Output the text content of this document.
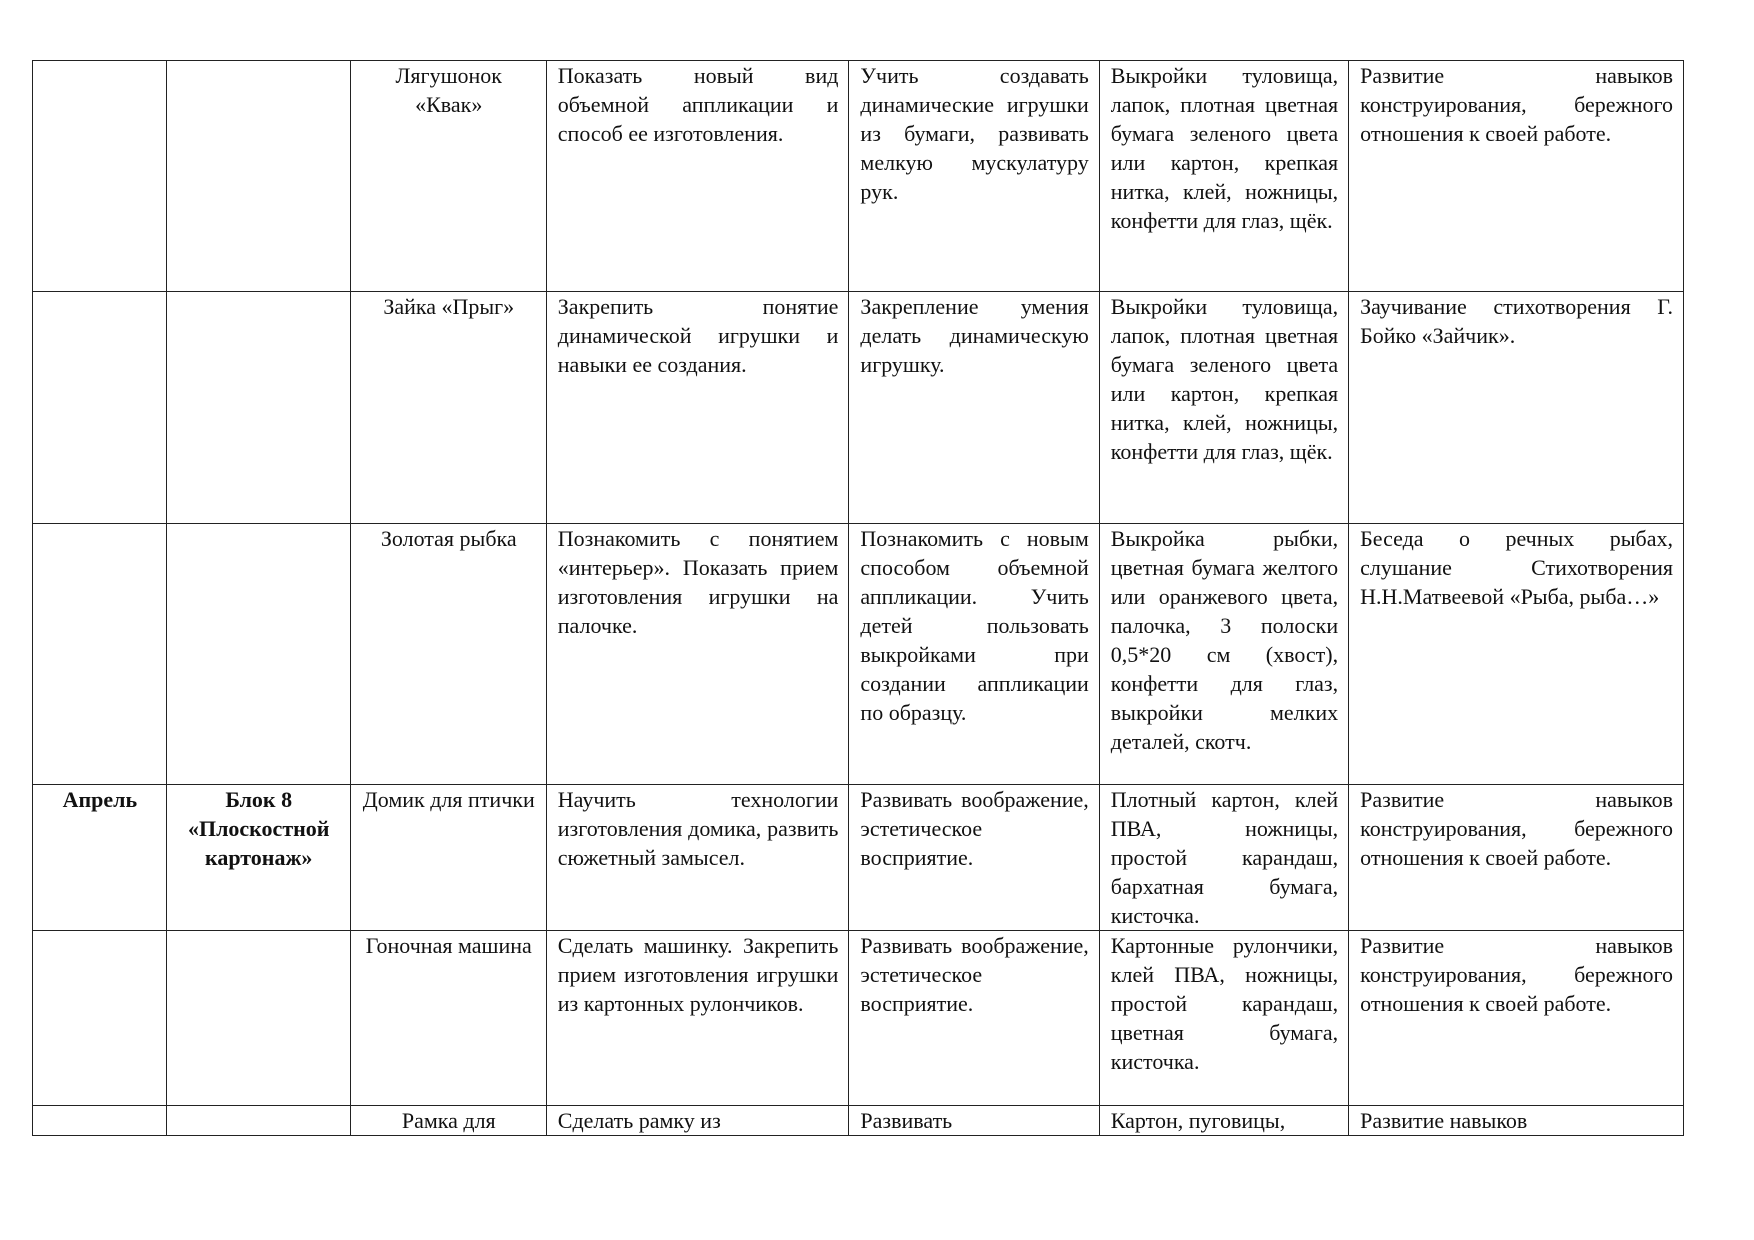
		Лягушонок «Квак»	Показать новый вид объемной аппликации и способ ее изготовления.	Учить создавать динамические игрушки из бумаги, развивать мелкую мускулатуру рук.	Выкройки туловища, лапок, плотная цветная бумага зеленого цвета или картон, крепкая нитка, клей, ножницы, конфетти для глаз, щёк.	Развитие навыков конструирования, бережного отношения к своей работе.
		Зайка «Прыг»	Закрепить понятие динамической игрушки и навыки ее создания.	Закрепление умения делать динамическую игрушку.	Выкройки туловища, лапок, плотная цветная бумага зеленого цвета или картон, крепкая нитка, клей, ножницы, конфетти для глаз, щёк.	Заучивание стихотворения Г. Бойко «Зайчик».
		Золотая рыбка	Познакомить с понятием «интерьер». Показать прием изготовления игрушки на палочке.	Познакомить с новым способом объемной аппликации. Учить детей пользовать выкройками при создании аппликации по образцу.	Выкройка рыбки, цветная бумага желтого или оранжевого цвета, палочка, 3 полоски 0,5*20 см (хвост), конфетти для глаз, выкройки мелких деталей, скотч.	Беседа о речных рыбах, слушание Стихотворения Н.Н.Матвеевой «Рыба, рыба…»
Апрель	Блок 8 «Плоскостной картонаж»	Домик для птички	Научить технологии изготовления домика, развить сюжетный замысел.	Развивать воображение, эстетическое восприятие.	Плотный картон, клей ПВА, ножницы, простой карандаш, бархатная бумага, кисточка.	Развитие навыков конструирования, бережного отношения к своей работе.
		Гоночная машина	Сделать машинку. Закрепить прием изготовления игрушки из картонных рулончиков.	Развивать воображение, эстетическое восприятие.	Картонные рулончики, клей ПВА, ножницы, простой карандаш, цветная бумага, кисточка.	Развитие навыков конструирования, бережного отношения к своей работе.
		Рамка для	Сделать рамку из	Развивать	Картон, пуговицы,	Развитие навыков
